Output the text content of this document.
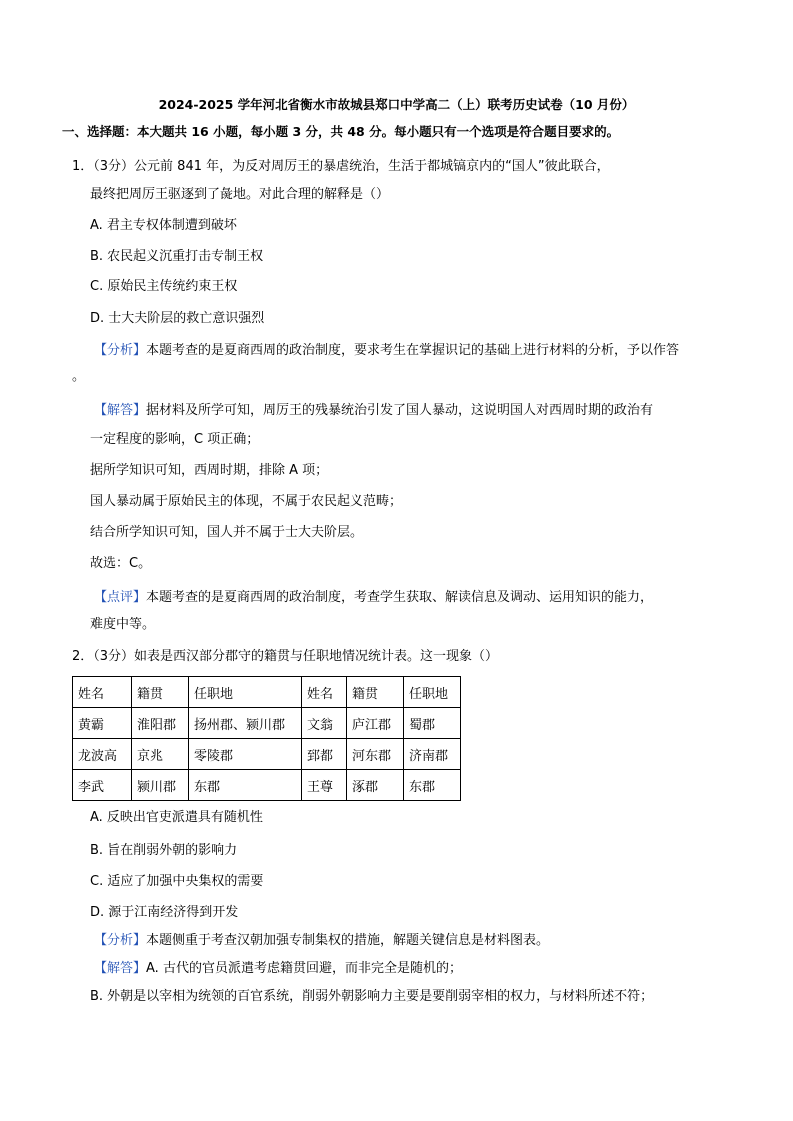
2024-2025 学年河北省衡水市故城县郑口中学高二（上）联考历史试卷（10 月份）
一、选择题：本大题共 16 小题，每小题 3 分，共 48 分。每小题只有一个选项是符合题目要求的。
1．（3分）公元前 841 年，为反对周厉王的暴虐统治，生活于都城镐京内的“国人”彼此联合，
最终把周厉王驱逐到了彘地。对此合理的解释是（）
A. 君主专权体制遭到破坏
B. 农民起义沉重打击专制王权
C. 原始民主传统约束王权
D. 士大夫阶层的救亡意识强烈
【分析】本题考查的是夏商西周的政治制度，要求考生在掌握识记的基础上进行材料的分析，予以作答
。
【解答】据材料及所学可知，周厉王的残暴统治引发了国人暴动，这说明国人对西周时期的政治有
一定程度的影响，C 项正确；
据所学知识可知，西周时期，排除 A 项；
国人暴动属于原始民主的体现，不属于农民起义范畴；
结合所学知识可知，国人并不属于士大夫阶层。
故选：C。
【点评】本题考查的是夏商西周的政治制度，考查学生获取、解读信息及调动、运用知识的能力，
难度中等。
2．（3分）如表是西汉部分郡守的籍贯与任职地情况统计表。这一现象（）
姓名	籍贯	任职地	姓名	籍贯	任职地
黄霸	淮阳郡	扬州郡、颍川郡	文翁	庐江郡	蜀郡
龙波高	京兆	零陵郡	郅都	河东郡	济南郡
李武	颍川郡	东郡	王尊	涿郡	东郡
A. 反映出官吏派遣具有随机性
B. 旨在削弱外朝的影响力
C. 适应了加强中央集权的需要
D. 源于江南经济得到开发
【分析】本题侧重于考查汉朝加强专制集权的措施，解题关键信息是材料图表。
【解答】A. 古代的官员派遣考虑籍贯回避，而非完全是随机的；
B. 外朝是以宰相为统领的百官系统，削弱外朝影响力主要是要削弱宰相的权力，与材料所述不符；
